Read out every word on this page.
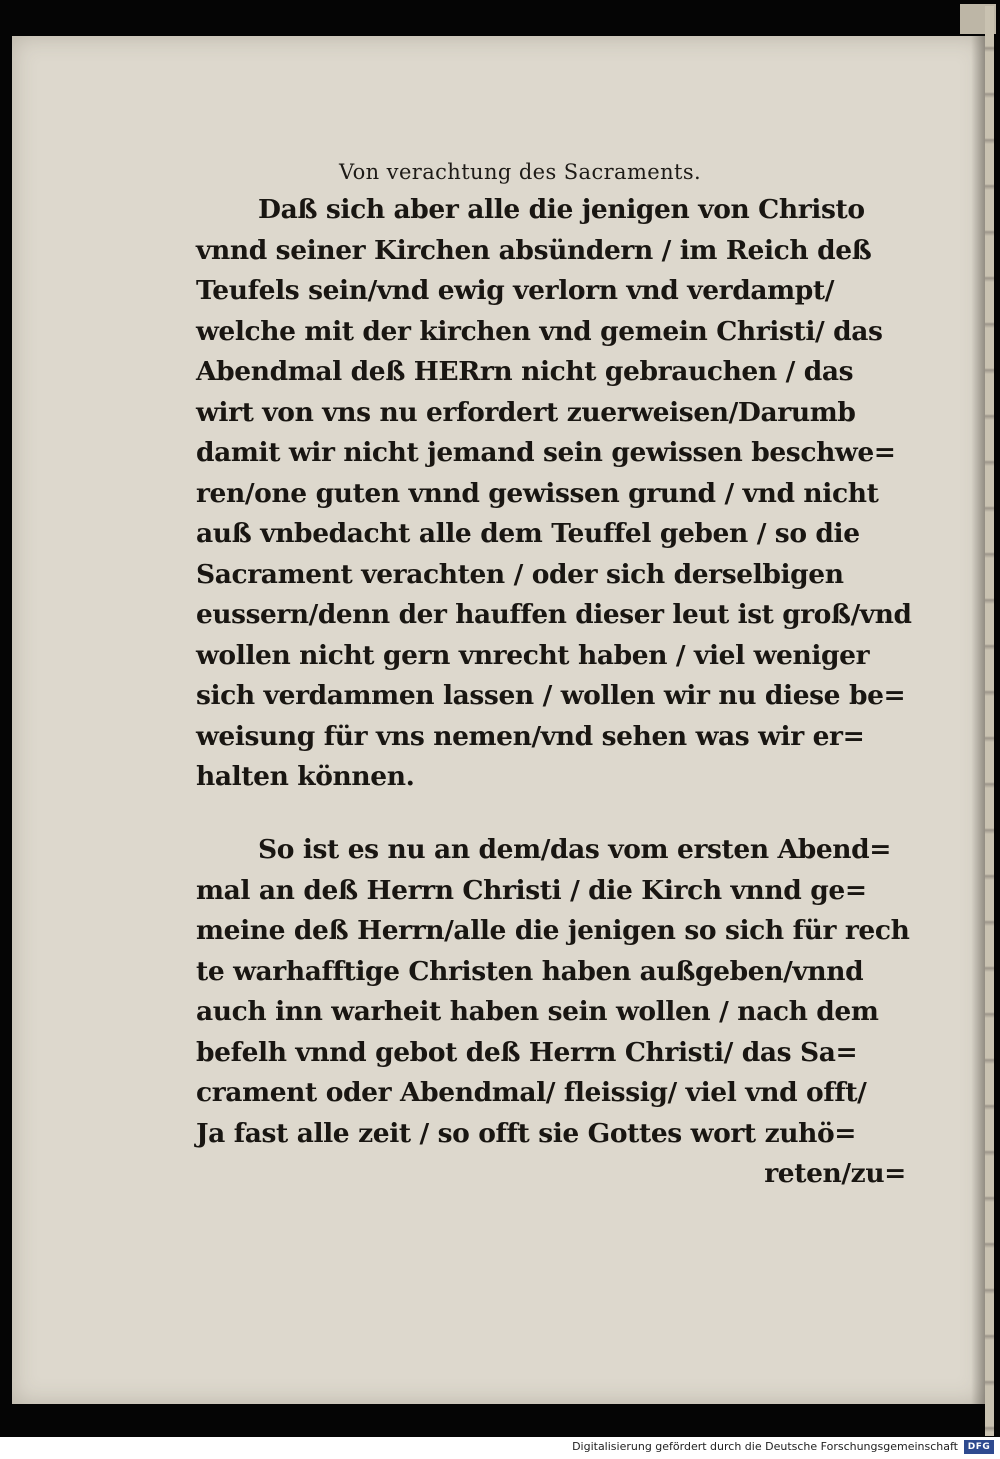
Von verachtung des Sacraments.
Daß sich aber alle die jenigen von Christo
vnnd seiner Kirchen absündern / im Reich deß
Teufels sein/vnd ewig verlorn vnd verdampt/
welche mit der kirchen vnd gemein Christi/ das
Abendmal deß HERrn nicht gebrauchen / das
wirt von vns nu erfordert zuerweisen/Darumb
damit wir nicht jemand sein gewissen beschwe=
ren/one guten vnnd gewissen grund / vnd nicht
auß vnbedacht alle dem Teuffel geben / so die
Sacrament verachten / oder sich derselbigen
eussern/denn der hauffen dieser leut ist groß/vnd
wollen nicht gern vnrecht haben / viel weniger
sich verdammen lassen / wollen wir nu diese be=
weisung für vns nemen/vnd sehen was wir er=
halten können.
So ist es nu an dem/das vom ersten Abend=
mal an deß Herrn Christi / die Kirch vnnd ge=
meine deß Herrn/alle die jenigen so sich für rech
te warhafftige Christen haben außgeben/vnnd
auch inn warheit haben sein wollen / nach dem
befelh vnnd gebot deß Herrn Christi/ das Sa=
crament oder Abendmal/ fleissig/ viel vnd offt/
Ja fast alle zeit / so offt sie Gottes wort zuhö=
reten/zu=
Digitalisierung gefördert durch die Deutsche Forschungsgemeinschaft	DFG
